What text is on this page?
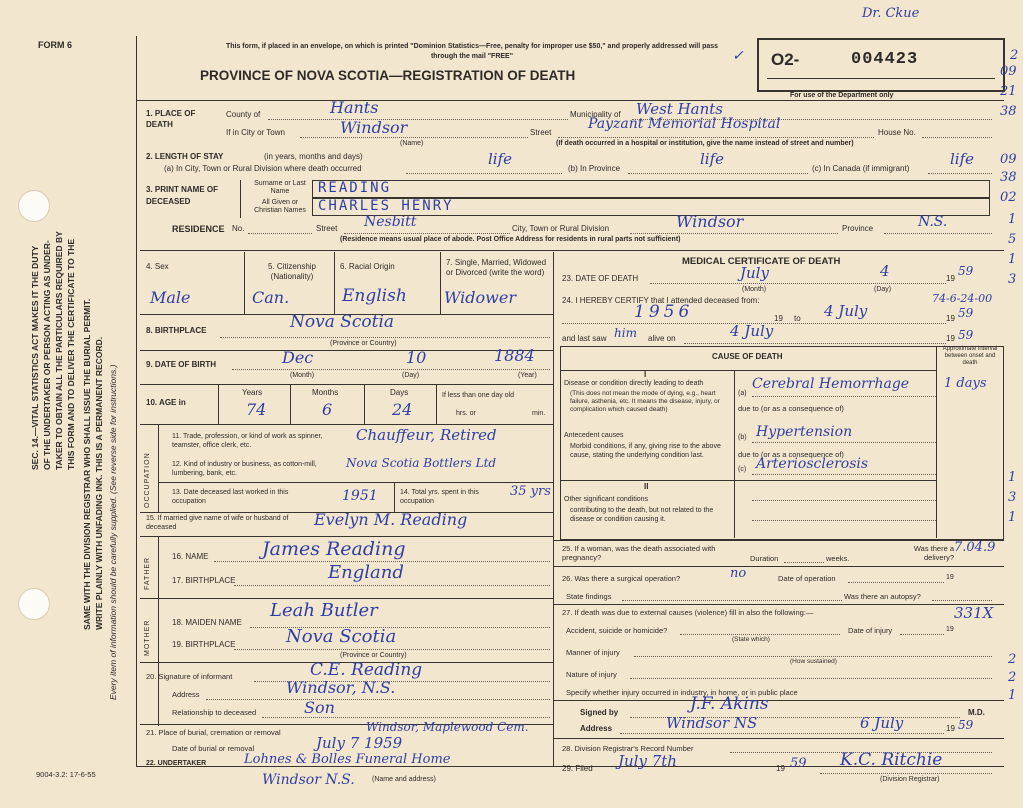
FORM 6	This form, if placed in an envelope, on which is printed "Dominion Statistics—Free, penalty for improper use $50," and properly addressed will pass through the mail "FREE"
PROVINCE OF NOVA SCOTIA—REGISTRATION OF DEATH
O2-	004423
For use of the Department only
Dr. Ckue
✓	2
09
21
38
09
38
02
1
5
1
3
1
3
1
2
2
1
SEC. 14.—VITAL STATISTICS ACT MAKES IT THE DUTY OF THE UNDERTAKER OR PERSON ACTING AS UNDER- TAKER TO OBTAIN ALL THE PARTICULARS REQUIRED BY THIS FORM AND TO DELIVER THE CERTIFICATE TO THE SAME WITH THE DIVISION REGISTRAR WHO SHALL ISSUE THE BURIAL PERMIT. WRITE PLAINLY WITH UNFADING INK. THIS IS A PERMANENT RECORD. Every item of information should be carefully supplied. (See reverse side for instructions.)
9004-3.2: 17-6-55
1. PLACE OF DEATH
County of	Hants	Municipality of West Hants
If in City or Town	Windsor
(Name)
Street
Payzant Memorial Hospital
House No.
(If death occurred in a hospital or institution, give the name instead of street and number)
2. LENGTH OF STAY	(in years, months and days)
(a) In City, Town or Rural Division where death occurred
life
(b) In Province
life
(c) In Canada (if immigrant)
life
3. PRINT NAME OF DECEASED
Surname or Last Name	READING
All Given or Christian Names CHARLES HENRY
RESIDENCE No.	Street Nesbitt	City, Town or Rural Division	Windsor	Province	N.S.
(Residence means usual place of abode. Post Office Address for residents in rural parts not sufficient)
4. Sex	5. Citizenship (Nationality)
6. Racial Origin	7. Single, Married, Widowed or Divorced (write the word)
Male	Can.	English Widower
8. BIRTHPLACE	Nova Scotia
(Province or Country)
9. DATE OF BIRTH	Dec	10	1884
(Month)	(Day)	(Year)
10. AGE in
Years	Months	Days
74	6	24
If less than one day old
hrs. or	min.
OCCUPATION
11. Trade, profession, or kind of work as spinner, teamster, office clerk, etc.
Chauffeur, Retired
12. Kind of industry or business, as cotton-mill, lumbering, bank, etc.
Nova Scotia Bottlers Ltd
13. Date deceased last worked in this occupation	1951	14. Total yrs. spent in this occupation
35 yrs
15. If married give name of wife or husband of deceased	Evelyn M. Reading
FATHER
16. NAME	James Reading
17. BIRTHPLACE	England
MOTHER	18. MAIDEN NAME
Leah Butler
19. BIRTHPLACE	Nova Scotia
(Province or Country)
20. Signature of informant	C.E. Reading
Address	Windsor, N.S.
Relationship to deceased	Son
21. Place of burial, cremation or removal	Windsor, Maplewood Cem.
Date of burial or removal	July 7 1959
22. UNDERTAKER	Lohnes & Bolles Funeral Home
Windsor N.S. (Name and address)
MEDICAL CERTIFICATE OF DEATH
23. DATE OF DEATH	July	4
(Month)	(Day)
19
59
24. I HEREBY CERTIFY that I attended deceased from:	74-6-24-00
1956	19 to 4 July	19 59
and last saw him alive on	4 July	19 59
CAUSE OF DEATH
Approximate interval between onset and death
I
Disease or condition directly leading to death
(This does not mean the mode of dying, e.g., heart failure, asthenia, etc. It means the disease, injury, or complication which caused death)
(a)
Cerebral Hemorrhage	1 days
due to (or as a consequence of)
Antecedent causes
Morbid conditions, if any, giving rise to the above cause, stating the underlying condition last.
(b) Hypertension
due to (or as a consequence of)
(c) Arteriosclerosis
II
Other significant conditions
contributing to the death, but not related to the disease or condition causing it.
25. If a woman, was the death associated with pregnancy?	Duration	weeks.
Was there a delivery?
7.04.9
26. Was there a surgical operation?	no	Date of operation	19
State findings	Was there an autopsy?
27. If death was due to external causes (violence) fill in also the following:—	331X
Accident, suicide or homicide?
(State which)
Date of injury	19
Manner of injury
(How sustained)
Nature of injury
Specify whether injury occurred in industry, in home, or in public place
Signed by	J.F. Akins	M.D.
Address	Windsor NS	6 July	19 59
28. Division Registrar's Record Number
29. Filed July 7th	19 59 K.C. Ritchie
(Division Registrar)
